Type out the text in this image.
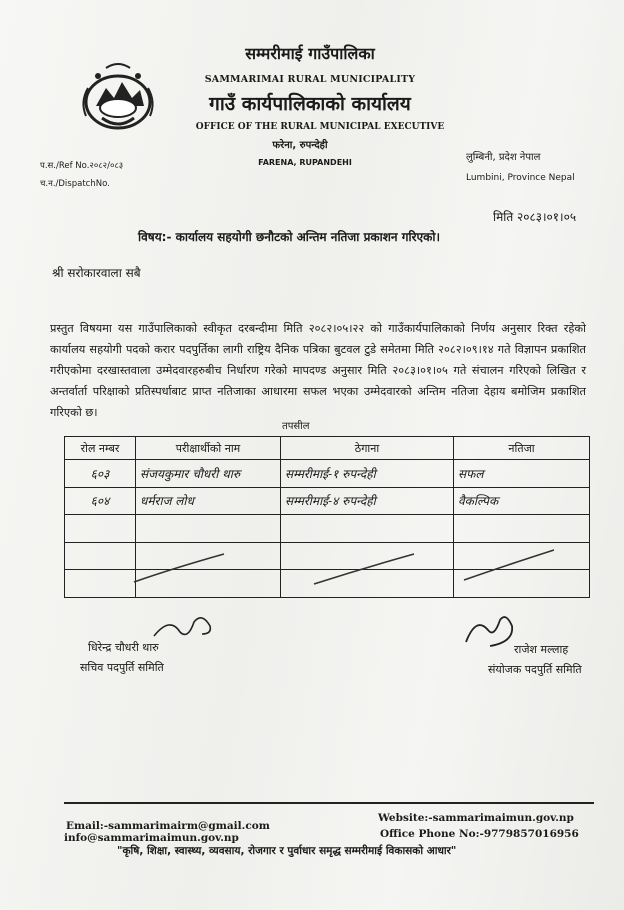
सम्मरीमाई गाउँपालिका
SAMMARIMAI RURAL MUNICIPALITY
गाउँ कार्यपालिकाको कार्यालय
OFFICE OF THE RURAL MUNICIPAL EXECUTIVE
फरेना, रुपन्देही
FARENA, RUPANDEHI
प.स./Ref No.२०८२/०८३
च.न./DispatchNo.
लुम्बिनी, प्रदेश नेपाल
Lumbini, Province Nepal
मिति २०८३।०१।०५
विषय:- कार्यालय सहयोगी छनौटको अन्तिम नतिजा प्रकाशन गरिएको।
श्री सरोकारवाला सबै
प्रस्तुत विषयमा यस गाउँपालिकाको स्वीकृत दरबन्दीमा मिति २०८२।०५।२२ को गाउँकार्यपालिकाको निर्णय अनुसार रिक्त रहेको कार्यालय सहयोगी पदको करार पदपुर्तिका लागी राष्ट्रिय दैनिक पत्रिका बुटवल टुडे समेतमा मिति २०८२।०९।१४ गते विज्ञापन प्रकाशित गरीएकोमा दरखास्तवाला उम्मेदवारहरुबीच निर्धारण गरेको मापदण्ड अनुसार मिति २०८३।०१।०५ गते संचालन गरिएको लिखित र अन्तर्वार्ता परिक्षाको प्रतिस्पर्धाबाट प्राप्त नतिजाका आधारमा सफल भएका उम्मेदवारको अन्तिम नतिजा देहाय बमोजिम प्रकाशित गरिएको छ।
तपसील
रोल नम्बर	परीक्षार्थीको नाम	ठेगाना	नतिजा
६०३	संजयकुमार चौधरी थारु	सम्मरीमाई-१ रुपन्देही	सफल
६०४	धर्मराज लोध	सम्मरीमाई-४ रुपन्देही	वैकल्पिक

धिरेन्द्र चौधरी थारु
सचिव पदपुर्ति समिति
राजेश मल्लाह
संयोजक पदपुर्ति समिति
Email:-sammarimairm@gmail.com
info@sammarimaimun.gov.np
Website:-sammarimaimun.gov.np
Office Phone No:-9779857016956
"कृषि, शिक्षा, स्वास्थ्य, व्यवसाय, रोजगार र पुर्वाधार समृद्ध सम्मरीमाई विकासको आधार"
